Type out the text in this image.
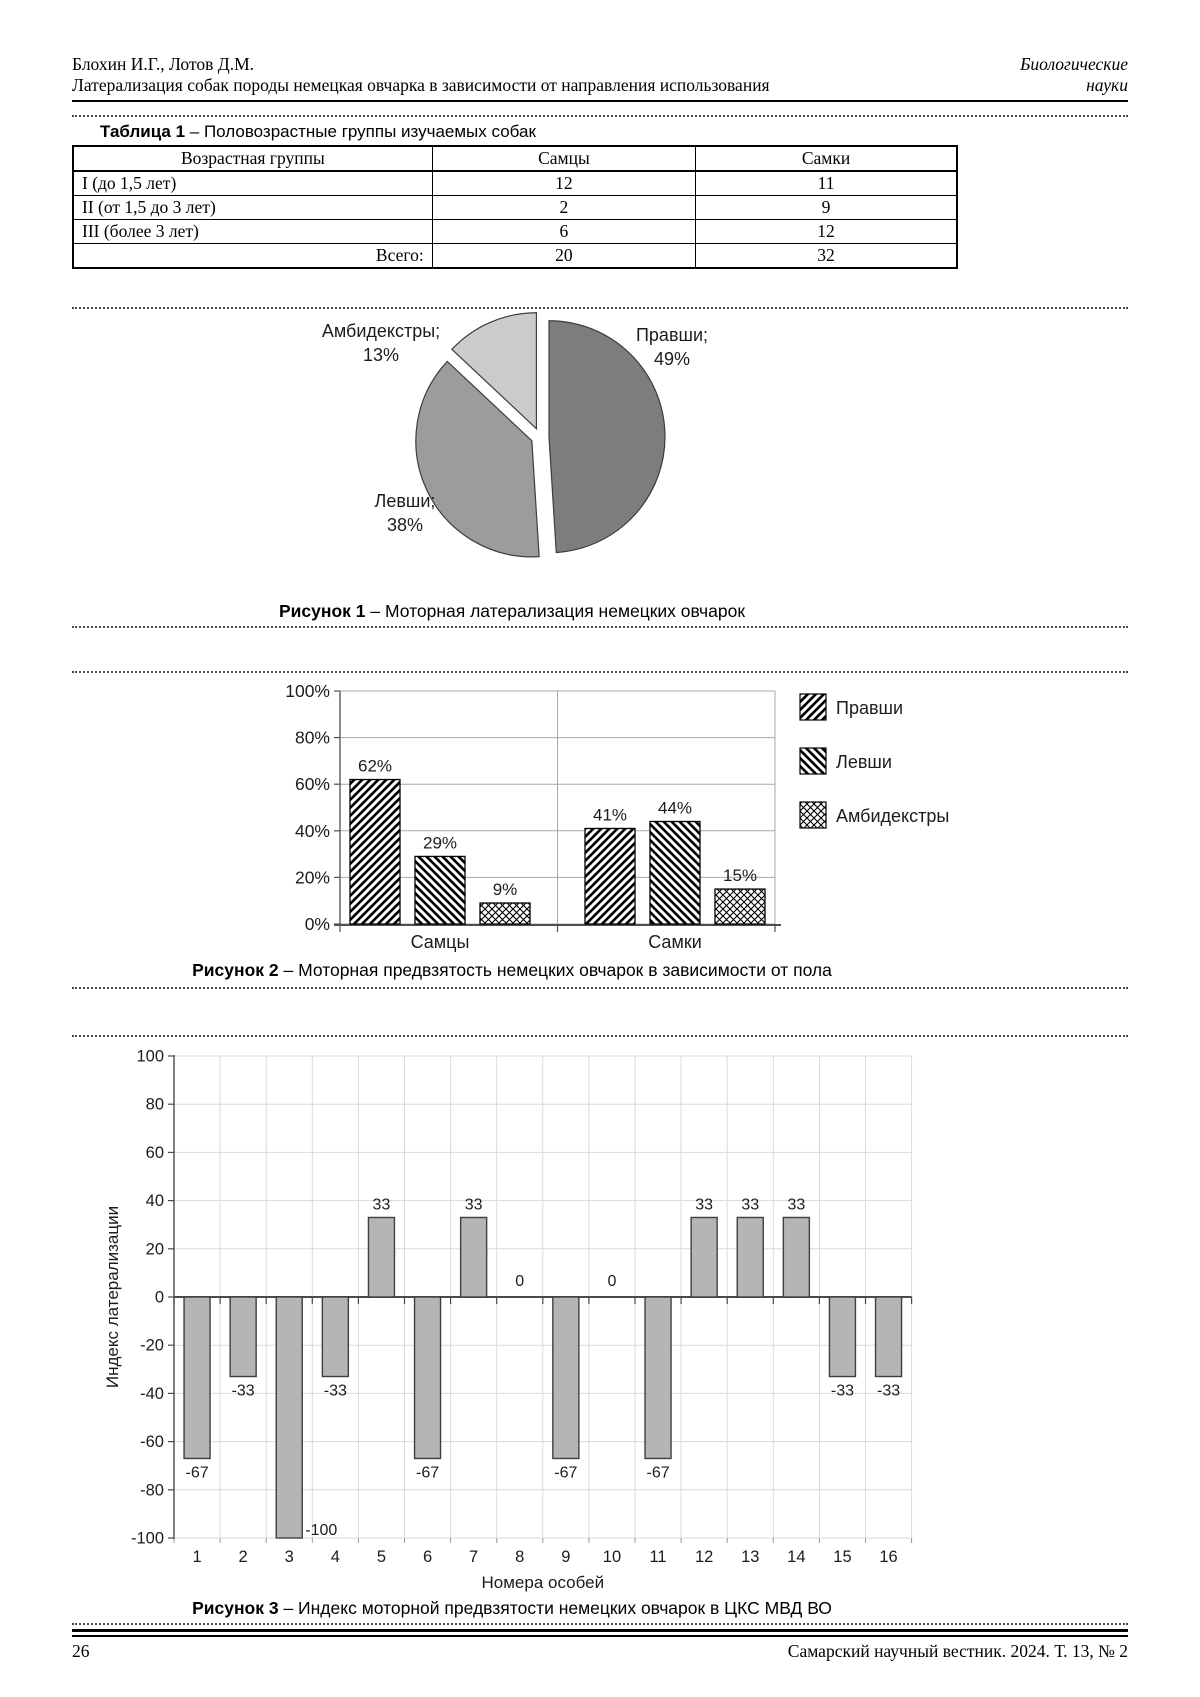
Блохин И.Г., Лотов Д.М.
Латерализация собак породы немецкая овчарка в зависимости от направления использования
Биологические
науки
Таблица 1 – Половозрастные группы изучаемых собак
Возрастная группы	Самцы	Самки
I (до 1,5 лет)	12	11
II (от 1,5 до 3 лет)	2	9
III (более 3 лет)	6	12
Всего:	20	32
Правши;
49%
Левши;
38%
Амбидекстры;
13%
Рисунок 1 – Моторная латерализация немецких овчарок
0%
20%
40%
60%
80%
100%
62%
41%
Правши
29%
44%
Левши
9%
15%
Амбидекстры
Самцы	Самки
Рисунок 2 – Моторная предвзятость немецких овчарок в зависимости от пола
-100
-80
-60
-40
-20
0
20
40
60
80
100
-67
1
-33
2
-100
3
-33
4
33
5
-67
6
33
7
0
8
-67
9
0
10
-67
11
33
12
33
13
33
14
-33
15
-33
16
Номера особей
Индекс латерализации
Рисунок 3 – Индекс моторной предвзятости немецких овчарок в ЦКС МВД ВО
26	Самарский научный вестник. 2024. Т. 13, № 2
